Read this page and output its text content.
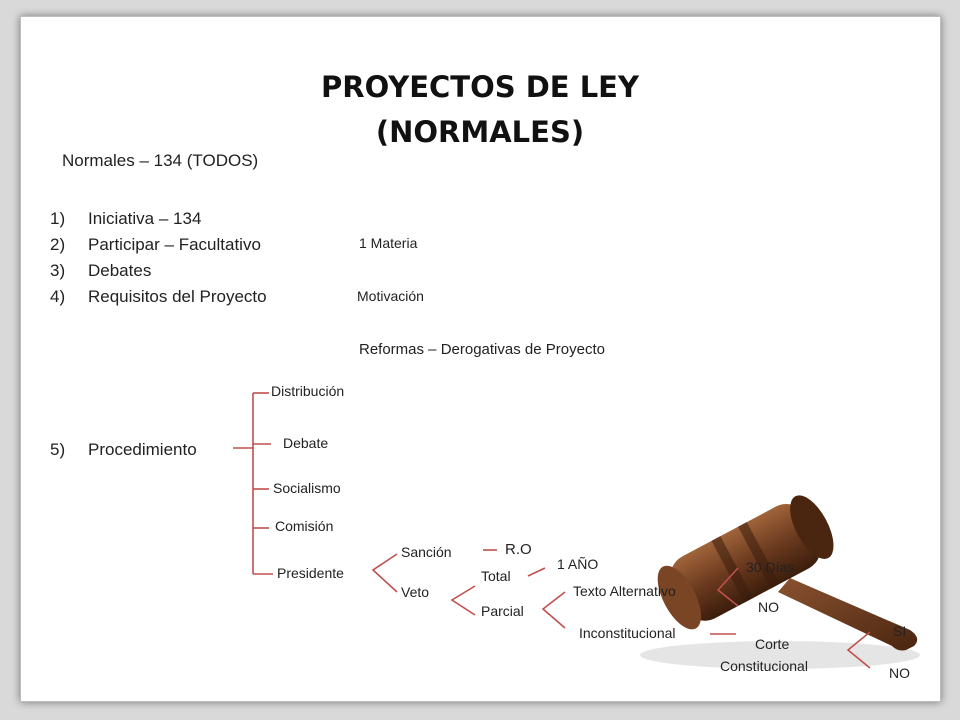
PROYECTOS DE LEY
(NORMALES)
Normales – 134 (TODOS)
1) Iniciativa – 134
2) Participar – Facultativo
3) Debates
4) Requisitos del Proyecto
5) Procedimiento
1 Materia
Motivación
Reformas – Derogativas de Proyecto
Distribución
Debate
Socialismo
Comisión
Presidente
Sanción	R.O
Veto
Total
1 AÑO
Parcial
Texto Alternativo
30 Días
NO
Inconstitucional
Corte
Constitucional
SI
NO
